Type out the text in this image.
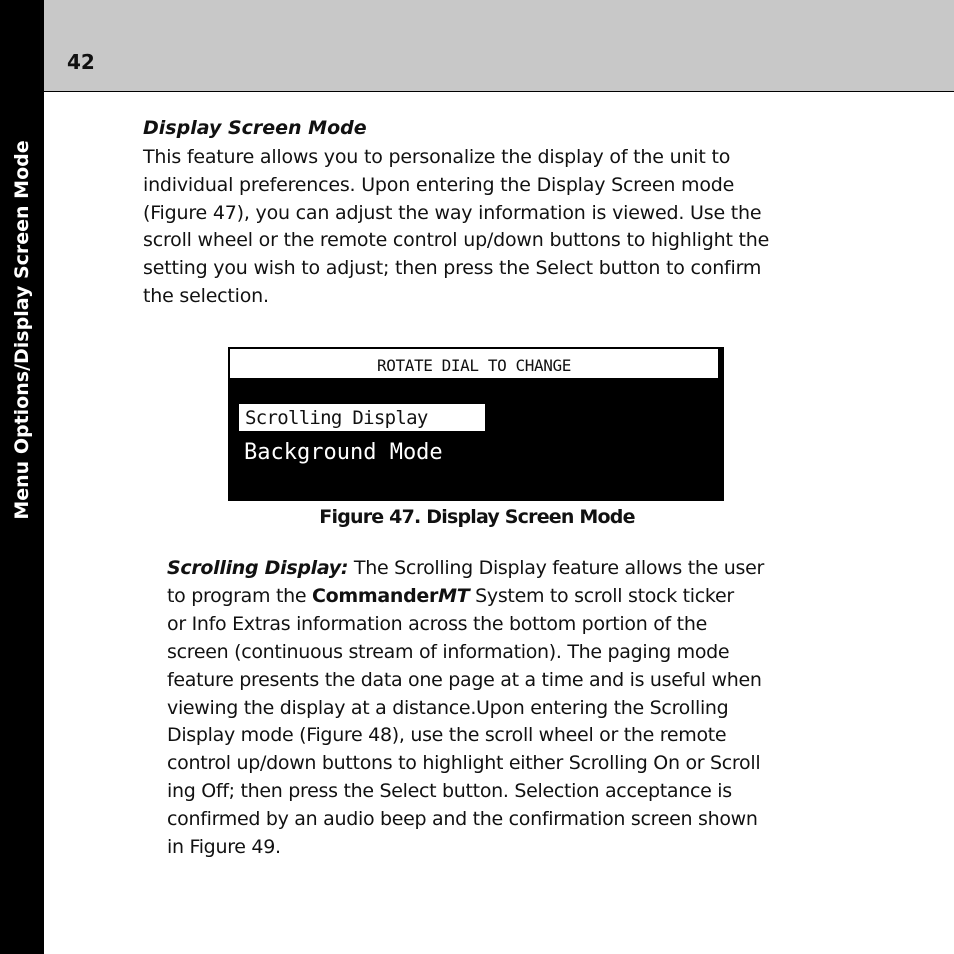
Menu Options/Display Screen Mode
42
Display Screen Mode
This feature allows you to personalize the display of the unit to
individual preferences. Upon entering the Display Screen mode
(Figure 47), you can adjust the way information is viewed. Use the
scroll wheel or the remote control up/down buttons to highlight the
setting you wish to adjust; then press the Select button to confirm
the selection.
ROTATE DIAL TO CHANGE
Scrolling Display
Background Mode
Figure 47. Display Screen Mode
Scrolling Display: The Scrolling Display feature allows the user
to program the CommanderMT System to scroll stock ticker
or Info Extras information across the bottom portion of the
screen (continuous stream of information). The paging mode
feature presents the data one page at a time and is useful when
viewing the display at a distance.Upon entering the Scrolling
Display mode (Figure 48), use the scroll wheel or the remote
control up/down buttons to highlight either Scrolling On or Scroll
ing Off; then press the Select button. Selection acceptance is
confirmed by an audio beep and the confirmation screen shown
in Figure 49.
